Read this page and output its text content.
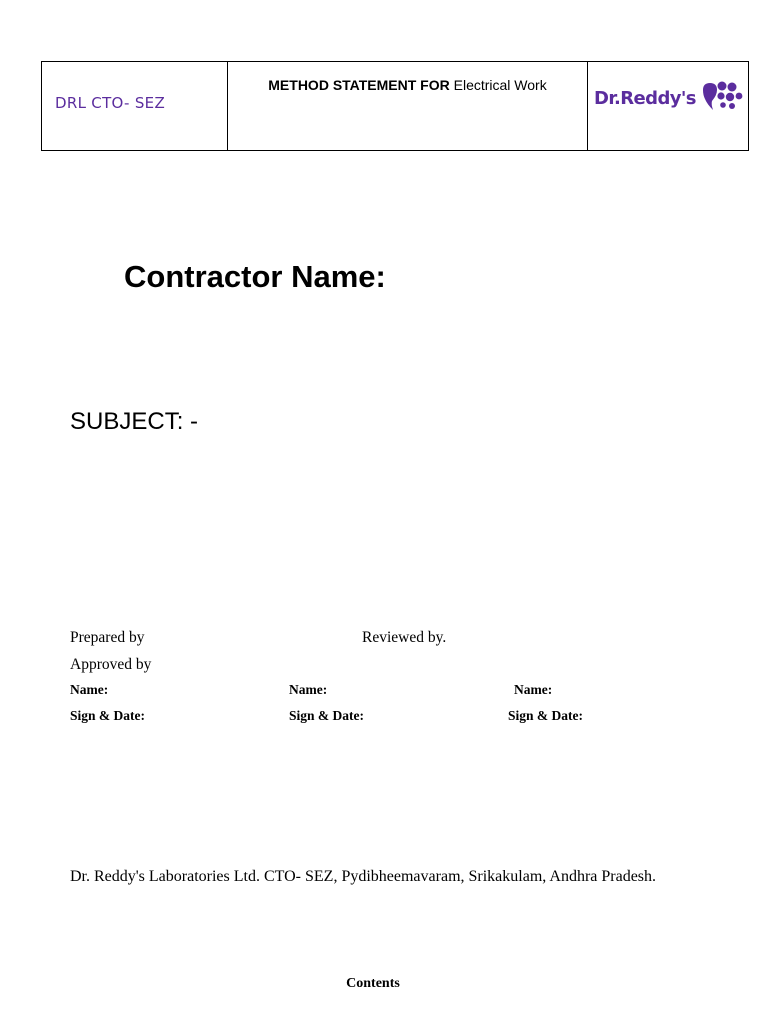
DRL CTO- SEZ
METHOD STATEMENT FOR Electrical Work
Dr.Reddy's
Contractor Name:
SUBJECT: -
Prepared by	Reviewed by.
Approved by
Name:	Name:	Name:
Sign & Date:	Sign & Date:	Sign & Date:
Dr. Reddy's Laboratories Ltd. CTO- SEZ, Pydibheemavaram, Srikakulam, Andhra Pradesh.
Contents
